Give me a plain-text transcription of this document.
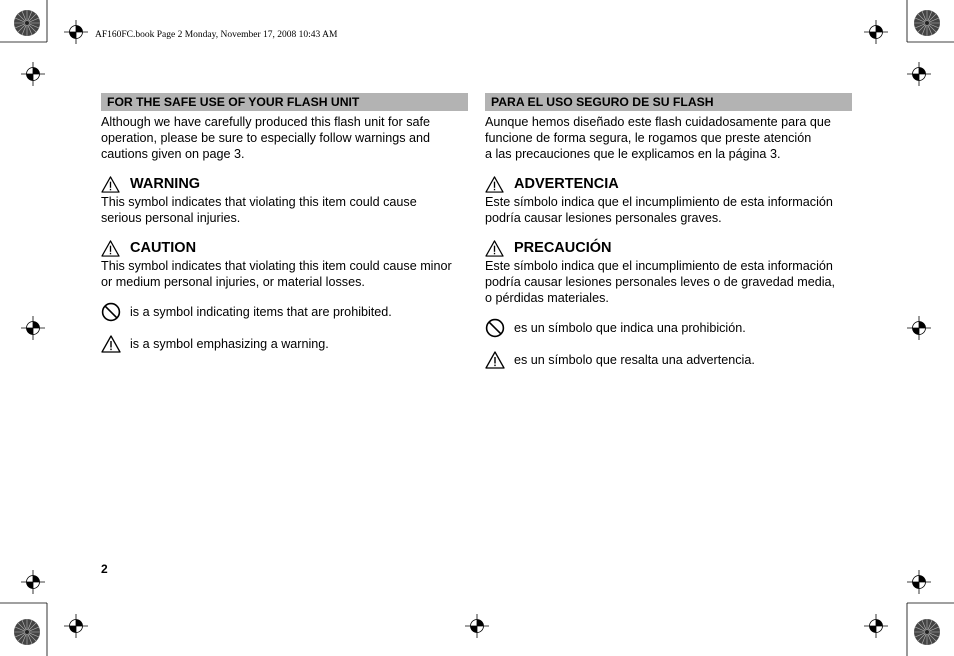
AF160FC.book Page 2 Monday, November 17, 2008 10:43 AM
FOR THE SAFE USE OF YOUR FLASH UNIT
Although we have carefully produced this flash unit for safe
operation, please be sure to especially follow warnings and
cautions given on page 3.
WARNING
This symbol indicates that violating this item could cause
serious personal injuries.
CAUTION
This symbol indicates that violating this item could cause minor
or medium personal injuries, or material losses.
is a symbol indicating items that are prohibited.
is a symbol emphasizing a warning.
PARA EL USO SEGURO DE SU FLASH
Aunque hemos diseñado este flash cuidadosamente para que
funcione de forma segura, le rogamos que preste atención
a las precauciones que le explicamos en la página 3.
ADVERTENCIA
Este símbolo indica que el incumplimiento de esta información
podría causar lesiones personales graves.
PRECAUCIÓN
Este símbolo indica que el incumplimiento de esta información
podría causar lesiones personales leves o de gravedad media,
o pérdidas materiales.
es un símbolo que indica una prohibición.
es un símbolo que resalta una advertencia.
2
